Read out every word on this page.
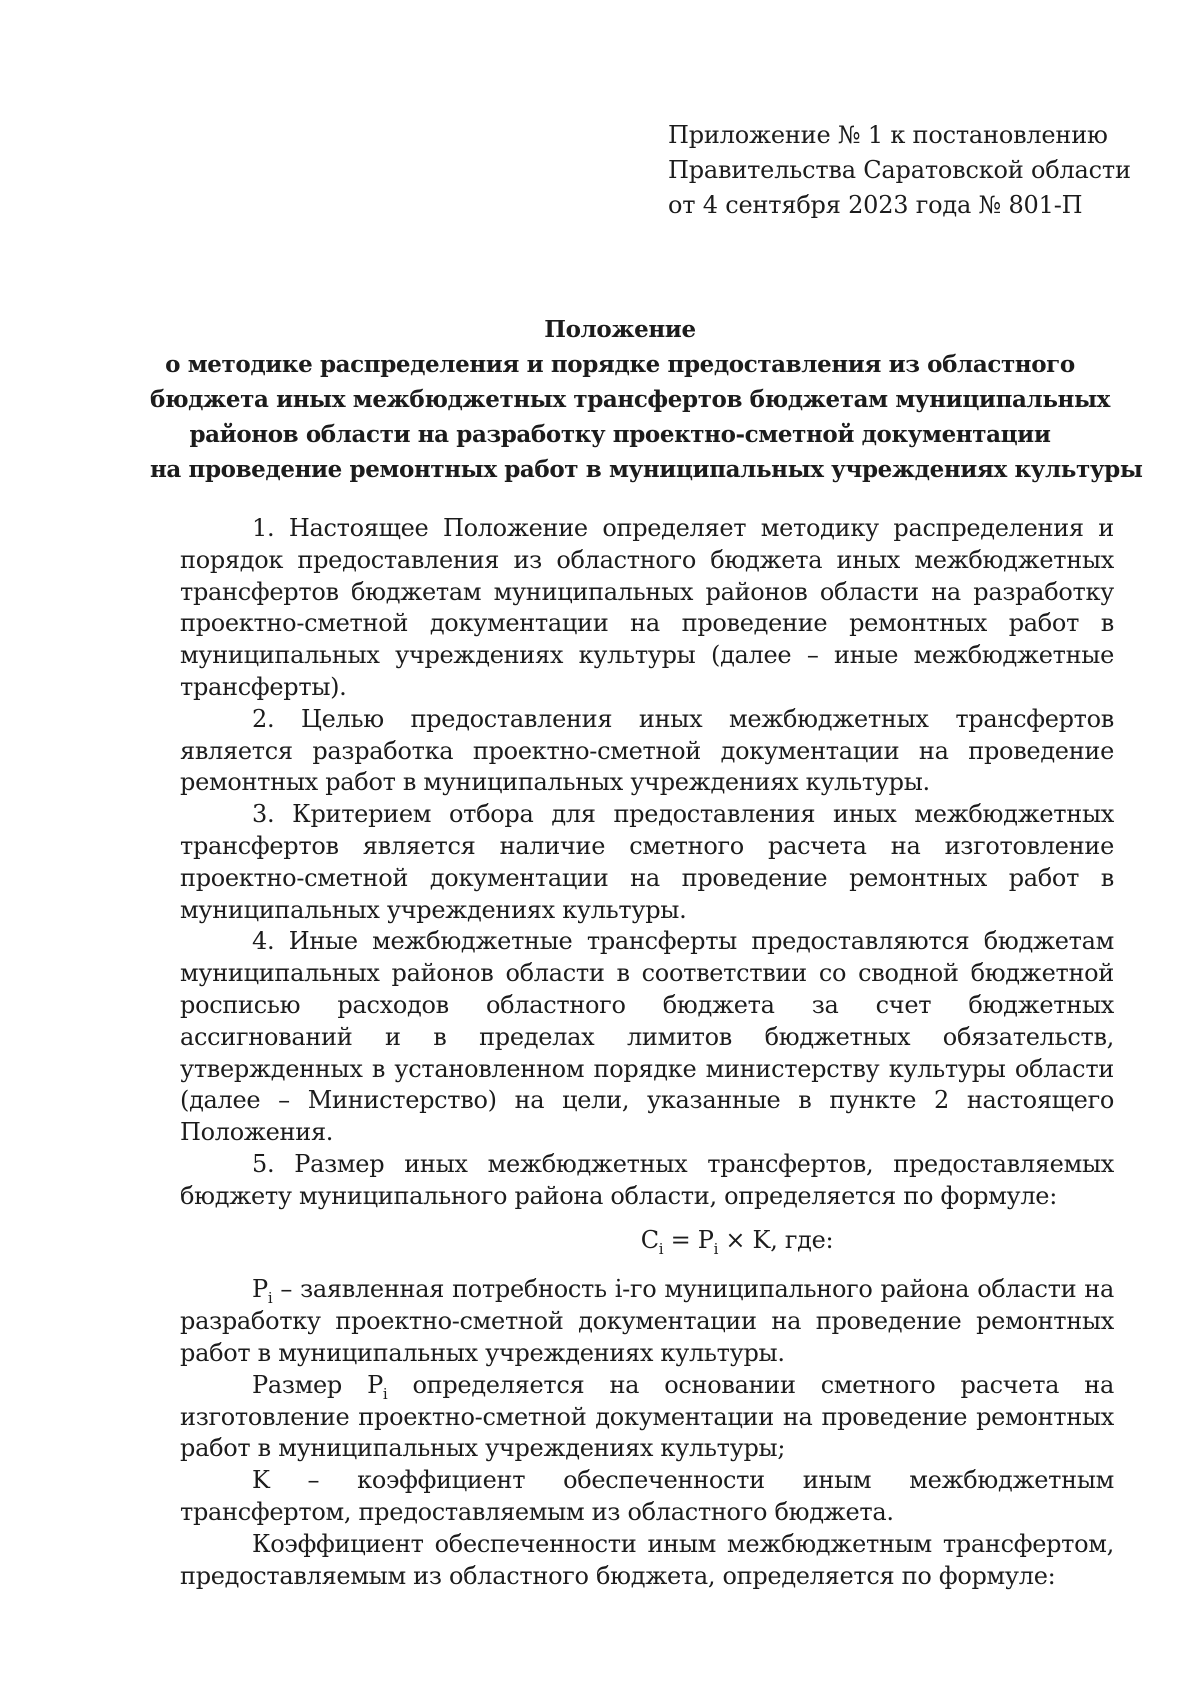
Приложение № 1 к постановлению
Правительства Саратовской области
от 4 сентября 2023 года № 801-П
Положение
о методике распределения и порядке предоставления из областного
бюджета иных межбюджетных трансфертов бюджетам муниципальных
районов области на разработку проектно-сметной документации
на проведение ремонтных работ в муниципальных учреждениях культуры

1. Настоящее Положение определяет методику распределения и порядок предоставления из областного бюджета иных межбюджетных трансфертов бюджетам муниципальных районов области на разработку проектно-сметной документации на проведение ремонтных работ в муниципальных учреждениях культуры (далее – иные межбюджетные трансферты).

2. Целью предоставления иных межбюджетных трансфертов является разработка проектно-сметной документации на проведение ремонтных работ в муниципальных учреждениях культуры.

3. Критерием отбора для предоставления иных межбюджетных трансфертов является наличие сметного расчета на изготовление проектно-сметной документации на проведение ремонтных работ в муниципальных учреждениях культуры.

4. Иные межбюджетные трансферты предоставляются бюджетам муниципальных районов области в соответствии со сводной бюджетной росписью расходов областного бюджета за счет бюджетных ассигнований и в пределах лимитов бюджетных обязательств, утвержденных в установленном порядке министерству культуры области (далее – Министерство) на цели, указанные в пункте 2 настоящего Положения.

5. Размер иных межбюджетных трансфертов, предоставляемых бюджету муниципального района области, определяется по формуле:

$C_i = P_i \times K$, где:

$P_i$ – заявленная потребность i-го муниципального района области на разработку проектно-сметной документации на проведение ремонтных работ в муниципальных учреждениях культуры.

Размер $P_i$ определяется на основании сметного расчета на изготовление проектно-сметной документации на проведение ремонтных работ в муниципальных учреждениях культуры;

K – коэффициент обеспеченности иным межбюджетным трансфертом, предоставляемым из областного бюджета.

Коэффициент обеспеченности иным межбюджетным трансфертом, предоставляемым из областного бюджета, определяется по формуле:
